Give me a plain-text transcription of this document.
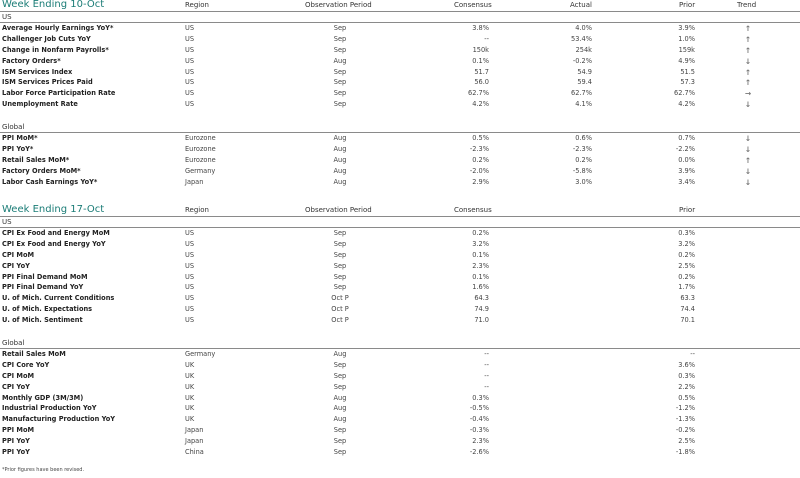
Week Ending 10-Oct	Region	Observation Period	Consensus	Actual	Prior	Trend
US
Average Hourly Earnings YoY*	US	Sep	3.8%	4.0%	3.9%	↑
Challenger Job Cuts YoY	US	Sep	--	53.4%	1.0%	↑
Change in Nonfarm Payrolls*	US	Sep	150k	254k	159k	↑
Factory Orders*	US	Aug	0.1%	-0.2%	4.9%	↓
ISM Services Index	US	Sep	51.7	54.9	51.5	↑
ISM Services Prices Paid	US	Sep	56.0	59.4	57.3	↑
Labor Force Participation Rate	US	Sep	62.7%	62.7%	62.7%	→
Unemployment Rate	US	Sep	4.2%	4.1%	4.2%	↓
Global
PPI MoM*	Eurozone	Aug	0.5%	0.6%	0.7%	↓
PPI YoY*	Eurozone	Aug	-2.3%	-2.3%	-2.2%	↓
Retail Sales MoM*	Eurozone	Aug	0.2%	0.2%	0.0%	↑
Factory Orders MoM*	Germany	Aug	-2.0%	-5.8%	3.9%	↓
Labor Cash Earnings YoY*	Japan	Aug	2.9%	3.0%	3.4%	↓
Week Ending 17-Oct	Region	Observation Period	Consensus	Prior
US
CPI Ex Food and Energy MoM	US	Sep	0.2%	0.3%
CPI Ex Food and Energy YoY	US	Sep	3.2%	3.2%
CPI MoM	US	Sep	0.1%	0.2%
CPI YoY	US	Sep	2.3%	2.5%
PPI Final Demand MoM	US	Sep	0.1%	0.2%
PPI Final Demand YoY	US	Sep	1.6%	1.7%
U. of Mich. Current Conditions	US	Oct P	64.3	63.3
U. of Mich. Expectations	US	Oct P	74.9	74.4
U. of Mich. Sentiment	US	Oct P	71.0	70.1
Global
Retail Sales MoM	Germany	Aug	--	--
CPI Core YoY	UK	Sep	--	3.6%
CPI MoM	UK	Sep	--	0.3%
CPI YoY	UK	Sep	--	2.2%
Monthly GDP (3M/3M)	UK	Aug	0.3%	0.5%
Industrial Production YoY	UK	Aug	-0.5%	-1.2%
Manufacturing Production YoY	UK	Aug	-0.4%	-1.3%
PPI MoM	Japan	Sep	-0.3%	-0.2%
PPI YoY	Japan	Sep	2.3%	2.5%
PPI YoY	China	Sep	-2.6%	-1.8%
*Prior figures have been revised.
